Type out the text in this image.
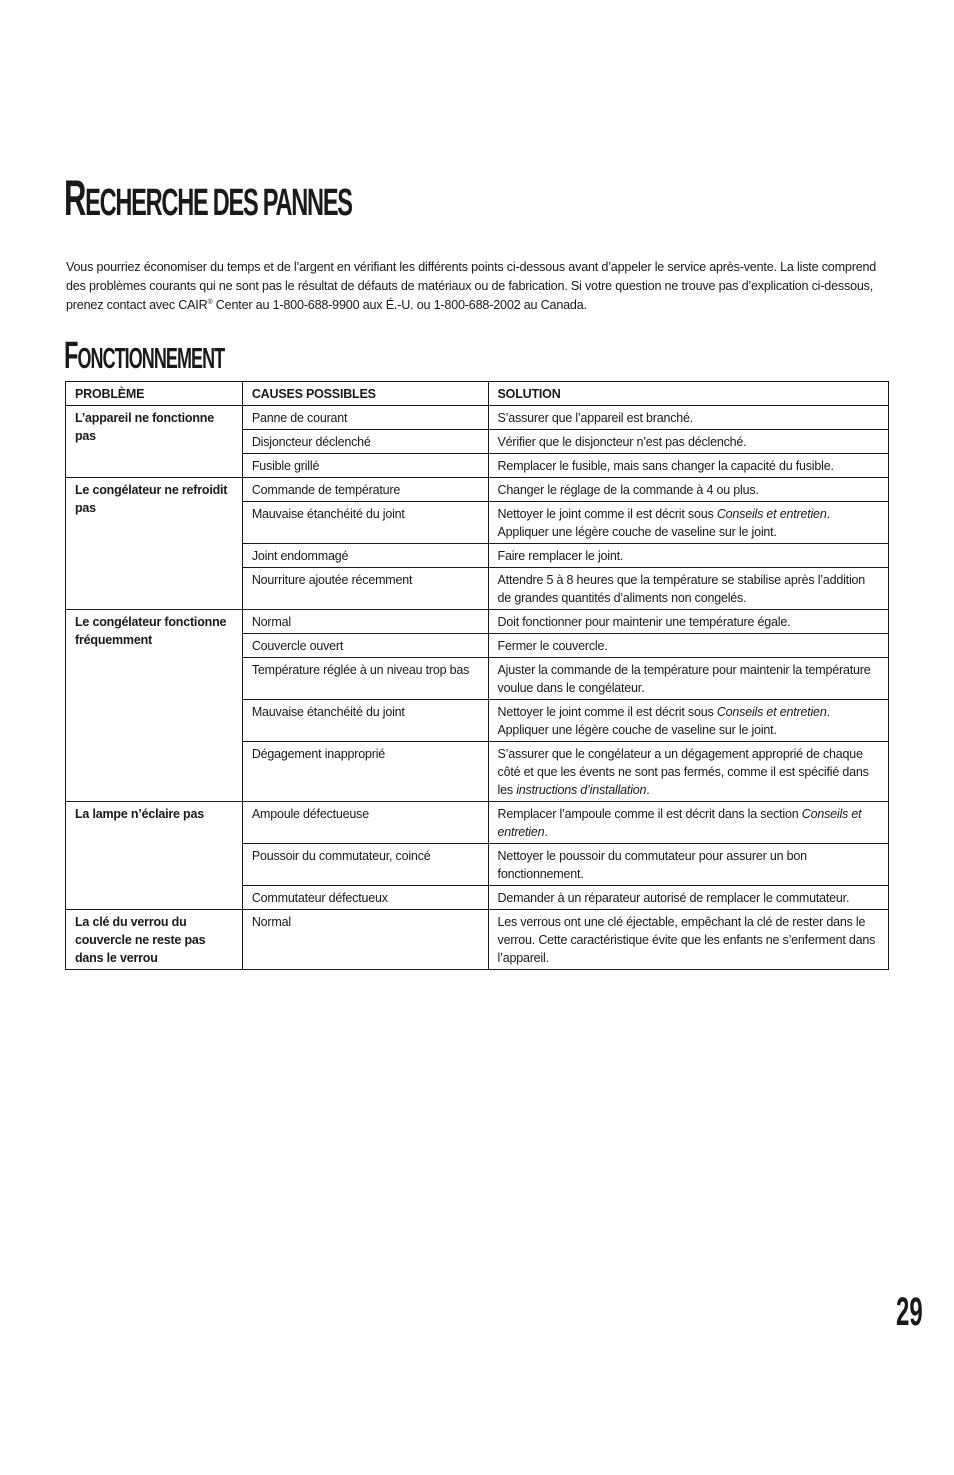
RECHERCHE DES PANNES

Vous pourriez économiser du temps et de l’argent en vérifiant les différents points ci-dessous avant d’appeler le service après-vente. La liste comprend des problèmes courants qui ne sont pas le résultat de défauts de matériaux ou de fabrication. Si votre question ne trouve pas d’explication ci-dessous, prenez contact avec CAIR® Center au 1-800-688-9900 aux É.-U. ou 1-800-688-2002 au Canada.

FONCTIONNEMENT
PROBLÈME	CAUSES POSSIBLES	SOLUTION
L’appareil ne fonctionne pas	Panne de courant	S’assurer que l’appareil est branché.
	Disjoncteur déclenché	Vérifier que le disjoncteur n’est pas déclenché.
	Fusible grillé	Remplacer le fusible, mais sans changer la capacité du fusible.
Le congélateur ne refroidit pas	Commande de température	Changer le réglage de la commande à 4 ou plus.
	Mauvaise étanchéité du joint	Nettoyer le joint comme il est décrit sous Conseils et entretien. Appliquer une légère couche de vaseline sur le joint.
	Joint endommagé	Faire remplacer le joint.
	Nourriture ajoutée récemment	Attendre 5 à 8 heures que la température se stabilise après l’addition de grandes quantités d’aliments non congelés.
Le congélateur fonctionne fréquemment	Normal	Doit fonctionner pour maintenir une température égale.
	Couvercle ouvert	Fermer le couvercle.
	Température réglée à un niveau trop bas	Ajuster la commande de la température pour maintenir la température voulue dans le congélateur.
	Mauvaise étanchéité du joint	Nettoyer le joint comme il est décrit sous Conseils et entretien. Appliquer une légère couche de vaseline sur le joint.
	Dégagement inapproprié	S’assurer que le congélateur a un dégagement approprié de chaque côté et que les évents ne sont pas fermés, comme il est spécifié dans les instructions d’installation.
La lampe n’éclaire pas	Ampoule défectueuse	Remplacer l’ampoule comme il est décrit dans la section Conseils et entretien.
	Poussoir du commutateur, coincé	Nettoyer le poussoir du commutateur pour assurer un bon fonctionnement.
	Commutateur défectueux	Demander à un réparateur autorisé de remplacer le commutateur.
La clé du verrou du couvercle ne reste pas dans le verrou	Normal	Les verrous ont une clé éjectable, empêchant la clé de rester dans le verrou. Cette caractéristique évite que les enfants ne s’enferment dans l’appareil.

29
